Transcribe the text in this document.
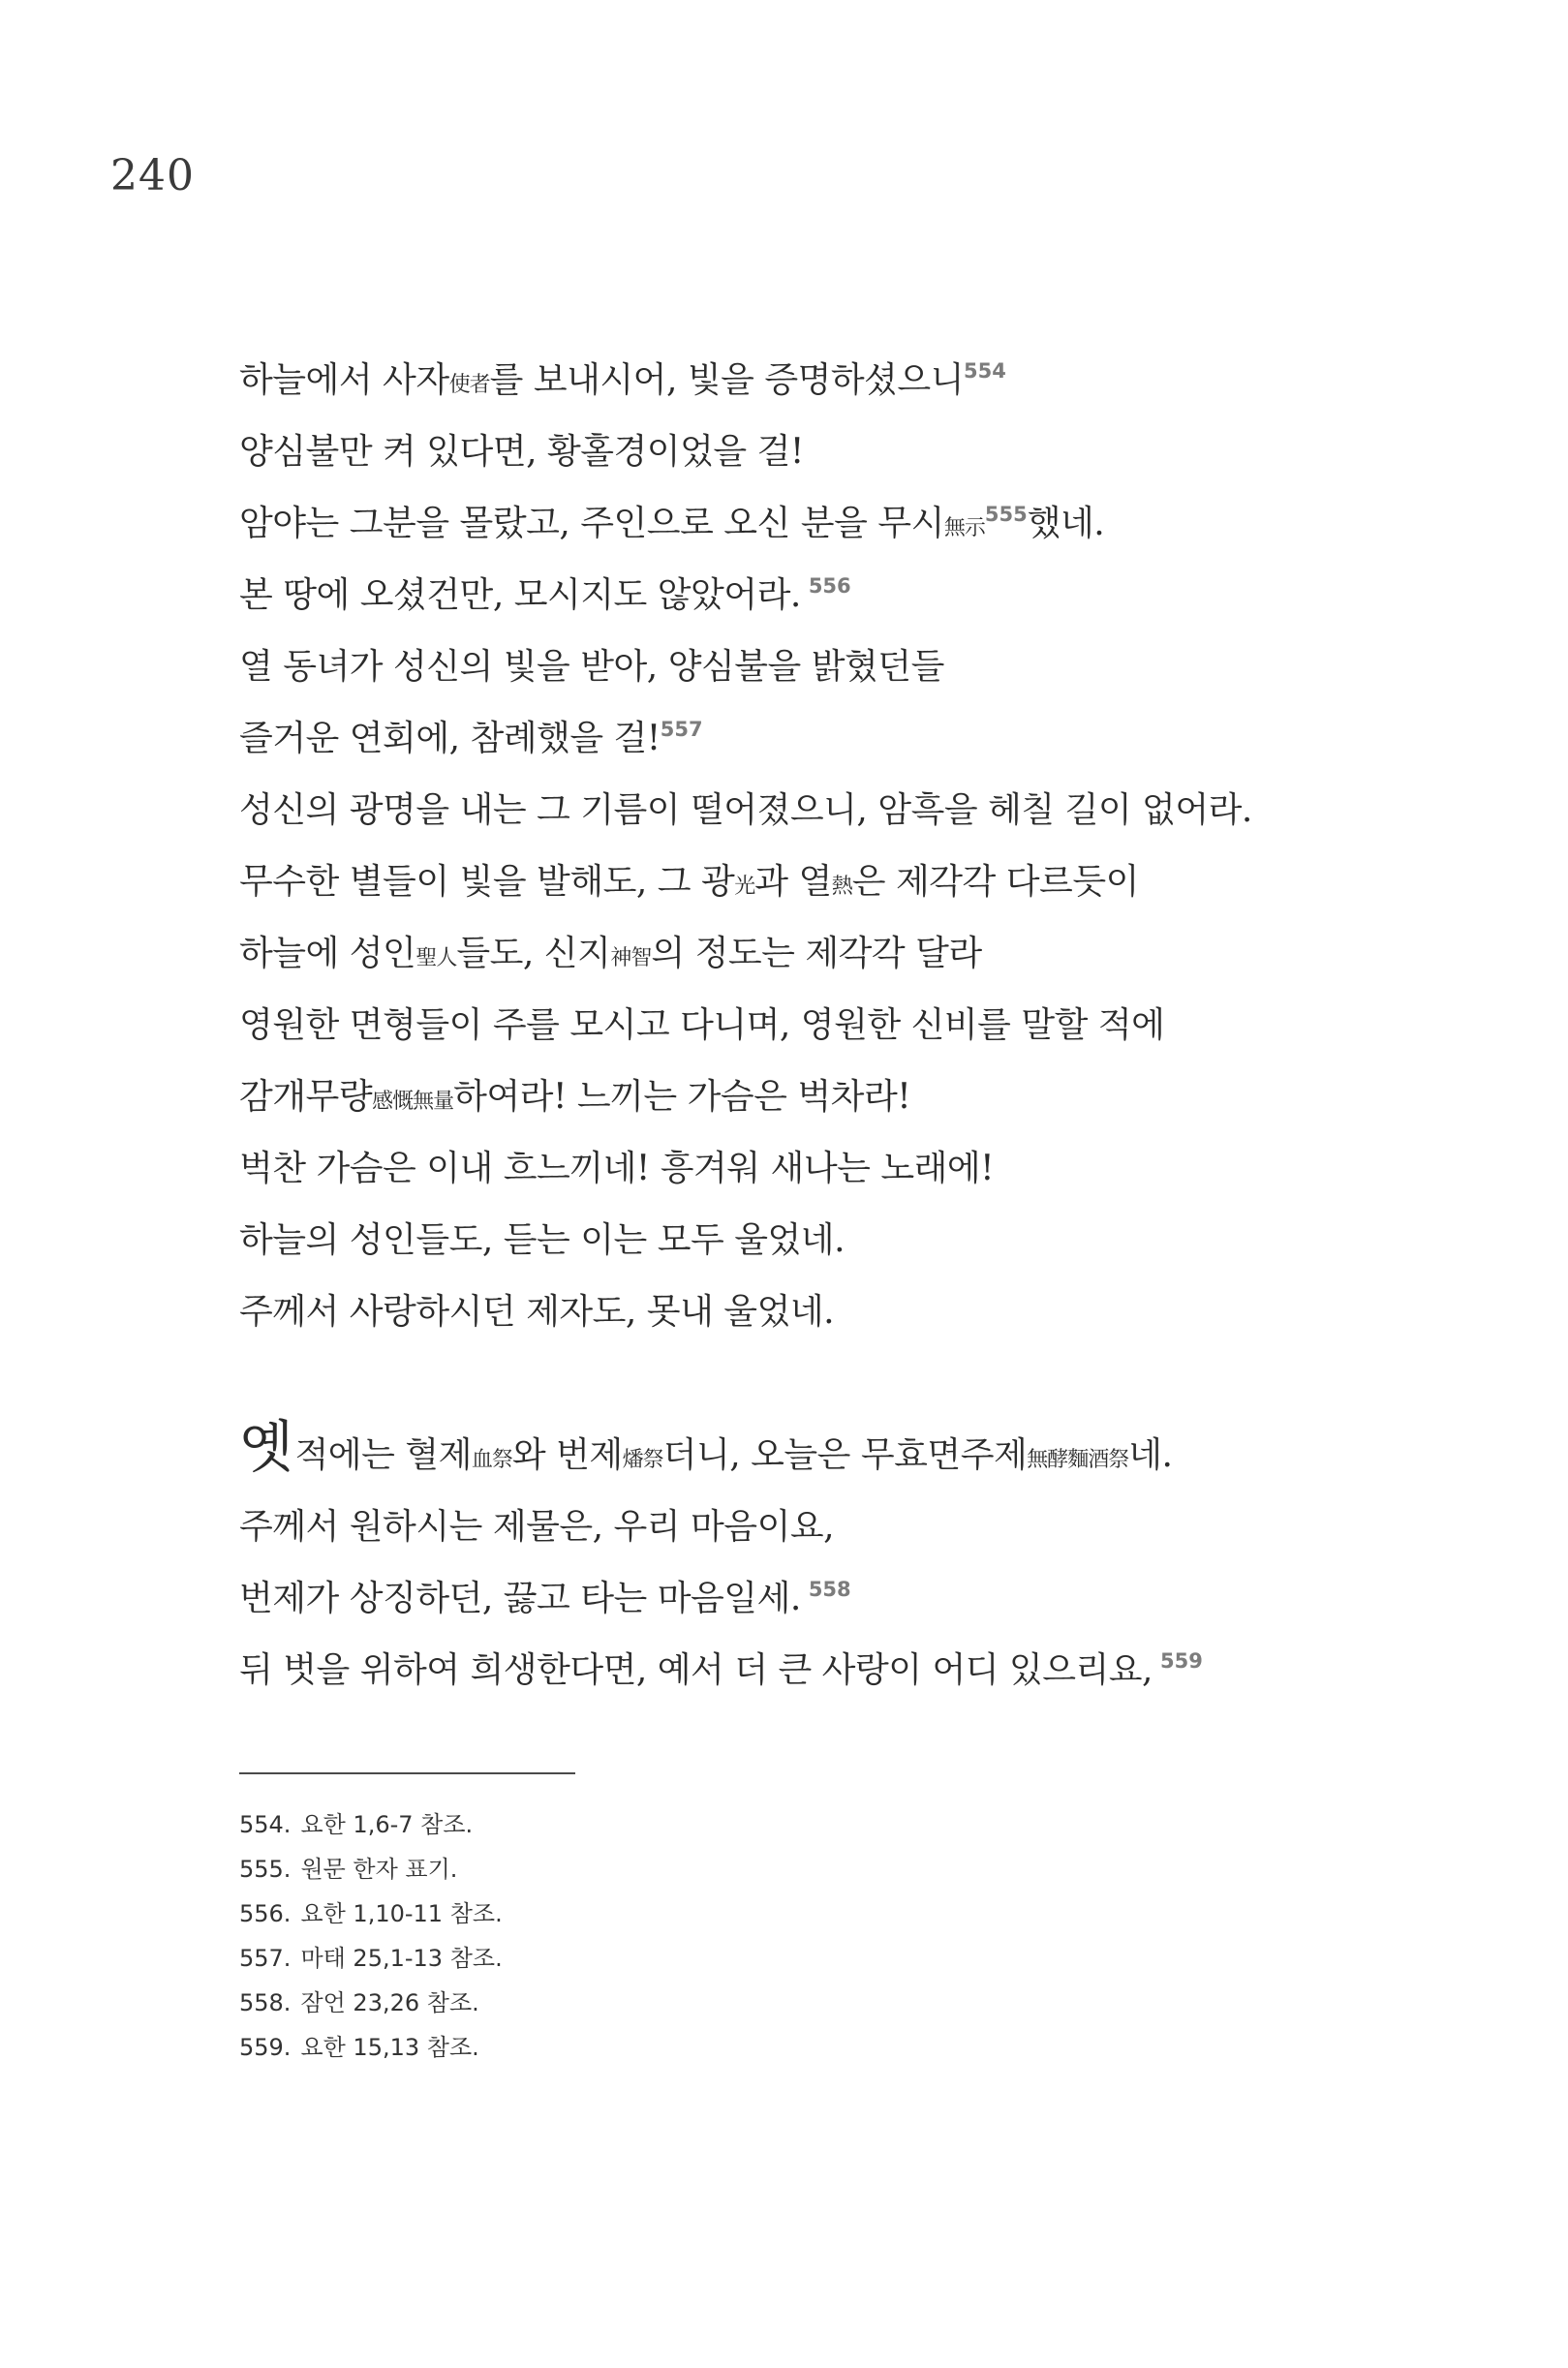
240
하늘에서 사자使者를 보내시어, 빛을 증명하셨으니$^{554}$
양심불만 켜 있다면, 황홀경이었을 걸!
암야는 그분을 몰랐고, 주인으로 오신 분을 무시無示$^{555}$했네.
본 땅에 오셨건만, 모시지도 않았어라. $^{556}$
열 동녀가 성신의 빛을 받아, 양심불을 밝혔던들
즐거운 연회에, 참례했을 걸!$^{557}$
성신의 광명을 내는 그 기름이 떨어졌으니, 암흑을 헤칠 길이 없어라.
무수한 별들이 빛을 발해도, 그 광光과 열熱은 제각각 다르듯이
하늘에 성인聖人들도, 신지神智의 정도는 제각각 달라
영원한 면형들이 주를 모시고 다니며, 영원한 신비를 말할 적에
감개무량感慨無量하여라! 느끼는 가슴은 벅차라!
벅찬 가슴은 이내 흐느끼네! 흥겨워 새나는 노래에!
하늘의 성인들도, 듣는 이는 모두 울었네.
주께서 사랑하시던 제자도, 못내 울었네.
옛적에는 혈제血祭와 번제燔祭더니, 오늘은 무효면주제無酵麵酒祭네.
주께서 원하시는 제물은, 우리 마음이요,
번제가 상징하던, 끓고 타는 마음일세. $^{558}$
뒤 벗을 위하여 희생한다면, 예서 더 큰 사랑이 어디 있으리요, $^{559}$
554. 요한 1,6-7 참조.
555. 원문 한자 표기.
556. 요한 1,10-11 참조.
557. 마태 25,1-13 참조.
558. 잠언 23,26 참조.
559. 요한 15,13 참조.
